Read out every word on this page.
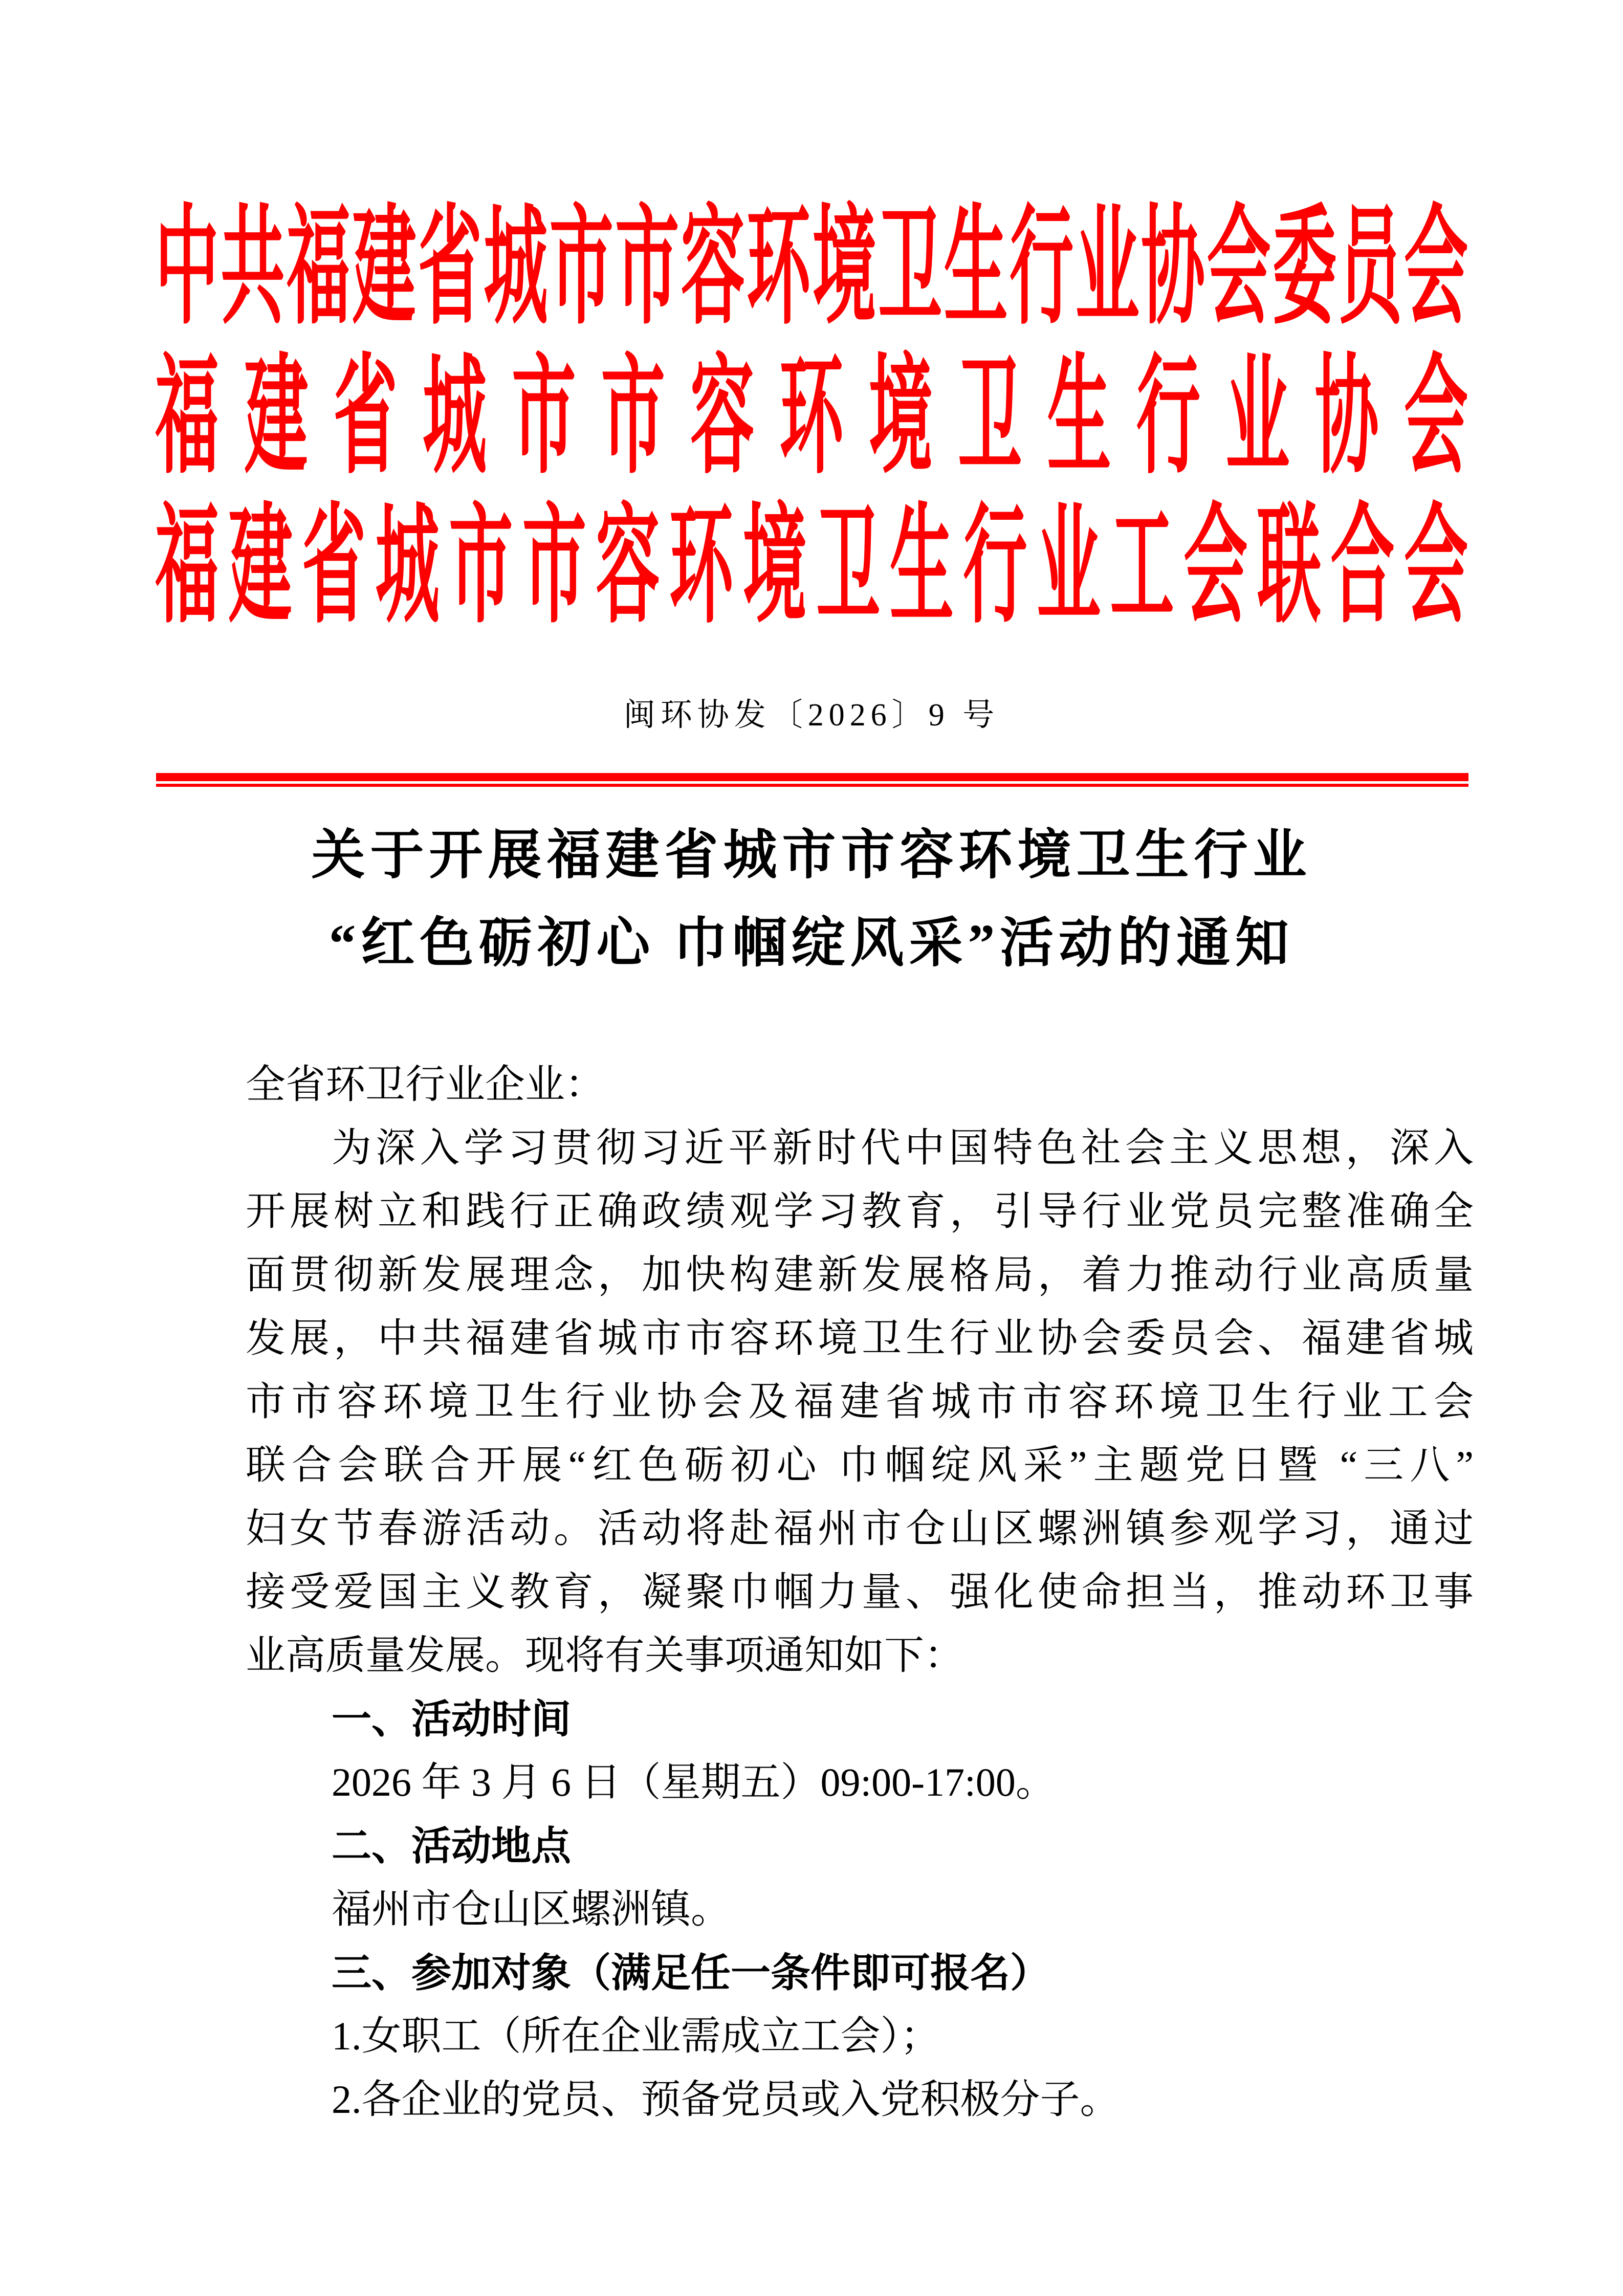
中共福建省城市市容环境卫生行业协会委员会
福建省城市市容环境卫生行业协会
福建省城市市容环境卫生行业工会联合会
闽环协发〔2026〕9 号
关于开展福建省城市市容环境卫生行业
“红色砺初心 巾帼绽风采”活动的通知
全省环卫行业企业：
为深入学习贯彻习近平新时代中国特色社会主义思想，深入
开展树立和践行正确政绩观学习教育，引导行业党员完整准确全
面贯彻新发展理念，加快构建新发展格局，着力推动行业高质量
发展，中共福建省城市市容环境卫生行业协会委员会、福建省城
市市容环境卫生行业协会及福建省城市市容环境卫生行业工会
联合会联合开展“红色砺初心 巾帼绽风采”主题党日暨 “三八”
妇女节春游活动。活动将赴福州市仓山区螺洲镇参观学习，通过
接受爱国主义教育，凝聚巾帼力量、强化使命担当，推动环卫事
业高质量发展。现将有关事项通知如下：
一、活动时间
2026 年 3 月 6 日（星期五）09:00-17:00。
二、活动地点
福州市仓山区螺洲镇。
三、参加对象（满足任一条件即可报名）
1.女职工（所在企业需成立工会）；
2.各企业的党员、预备党员或入党积极分子。
